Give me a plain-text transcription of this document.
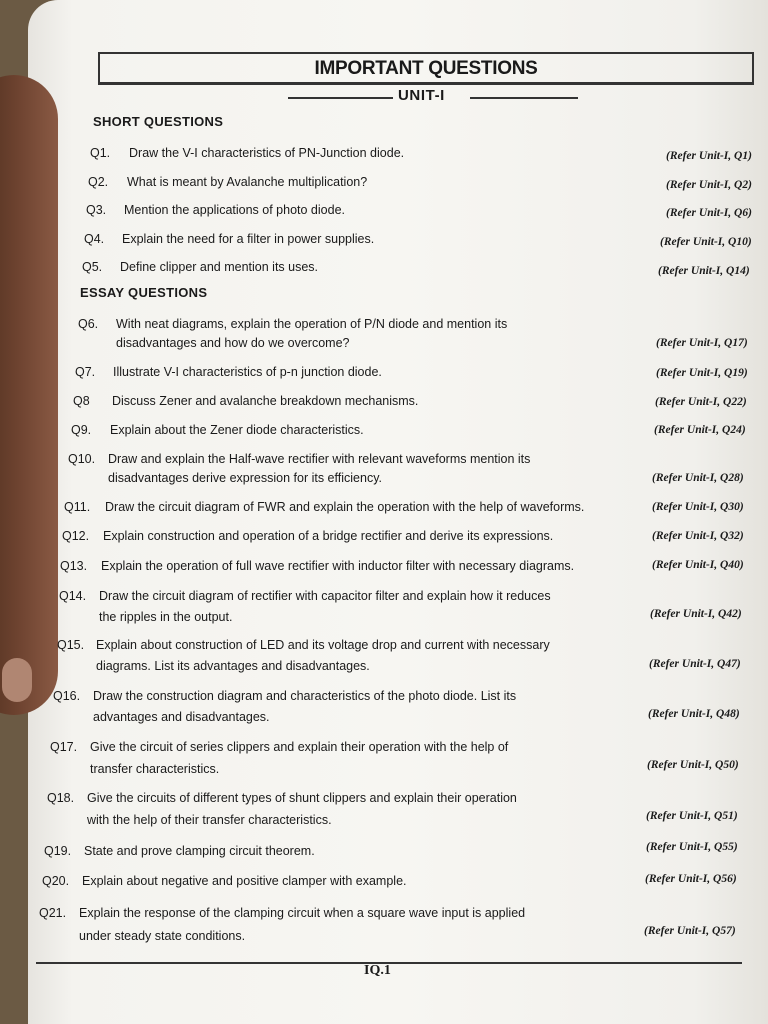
IMPORTANT QUESTIONS
UNIT-I
SHORT QUESTIONS
ESSAY QUESTIONS
Q1. Draw the V-I characteristics of PN-Junction diode.	(Refer Unit-I, Q1)
Q2. What is meant by Avalanche multiplication?	(Refer Unit-I, Q2)
Q3. Mention the applications of photo diode.	(Refer Unit-I, Q6)
Q4. Explain the need for a filter in power supplies.	(Refer Unit-I, Q10)
Q5. Define clipper and mention its uses.	(Refer Unit-I, Q14)
Q6. With neat diagrams, explain the operation of P/N diode and mention its
disadvantages and how do we overcome?	(Refer Unit-I, Q17)
Q7. Illustrate V-I characteristics of p-n junction diode.	(Refer Unit-I, Q19)
Q8 Discuss Zener and avalanche breakdown mechanisms.	(Refer Unit-I, Q22)
Q9. Explain about the Zener diode characteristics.	(Refer Unit-I, Q24)
Q10. Draw and explain the Half-wave rectifier with relevant waveforms mention its
disadvantages derive expression for its efficiency.	(Refer Unit-I, Q28)
Q11. Draw the circuit diagram of FWR and explain the operation with the help of waveforms.	(Refer Unit-I, Q30)
Q12. Explain construction and operation of a bridge rectifier and derive its expressions.	(Refer Unit-I, Q32)
Q13. Explain the operation of full wave rectifier with inductor filter with necessary diagrams.	(Refer Unit-I, Q40)
Q14. Draw the circuit diagram of rectifier with capacitor filter and explain how it reduces
the ripples in the output.	(Refer Unit-I, Q42)
Q15. Explain about construction of LED and its voltage drop and current with necessary
diagrams. List its advantages and disadvantages.	(Refer Unit-I, Q47)
Q16. Draw the construction diagram and characteristics of the photo diode. List its
advantages and disadvantages.	(Refer Unit-I, Q48)
Q17. Give the circuit of series clippers and explain their operation with the help of
transfer characteristics.	(Refer Unit-I, Q50)
Q18. Give the circuits of different types of shunt clippers and explain their operation
with the help of their transfer characteristics.	(Refer Unit-I, Q51)
Q19. State and prove clamping circuit theorem.	(Refer Unit-I, Q55)
Q20. Explain about negative and positive clamper with example.	(Refer Unit-I, Q56)
Q21. Explain the response of the clamping circuit when a square wave input is applied
under steady state conditions.	(Refer Unit-I, Q57)
IQ.1
